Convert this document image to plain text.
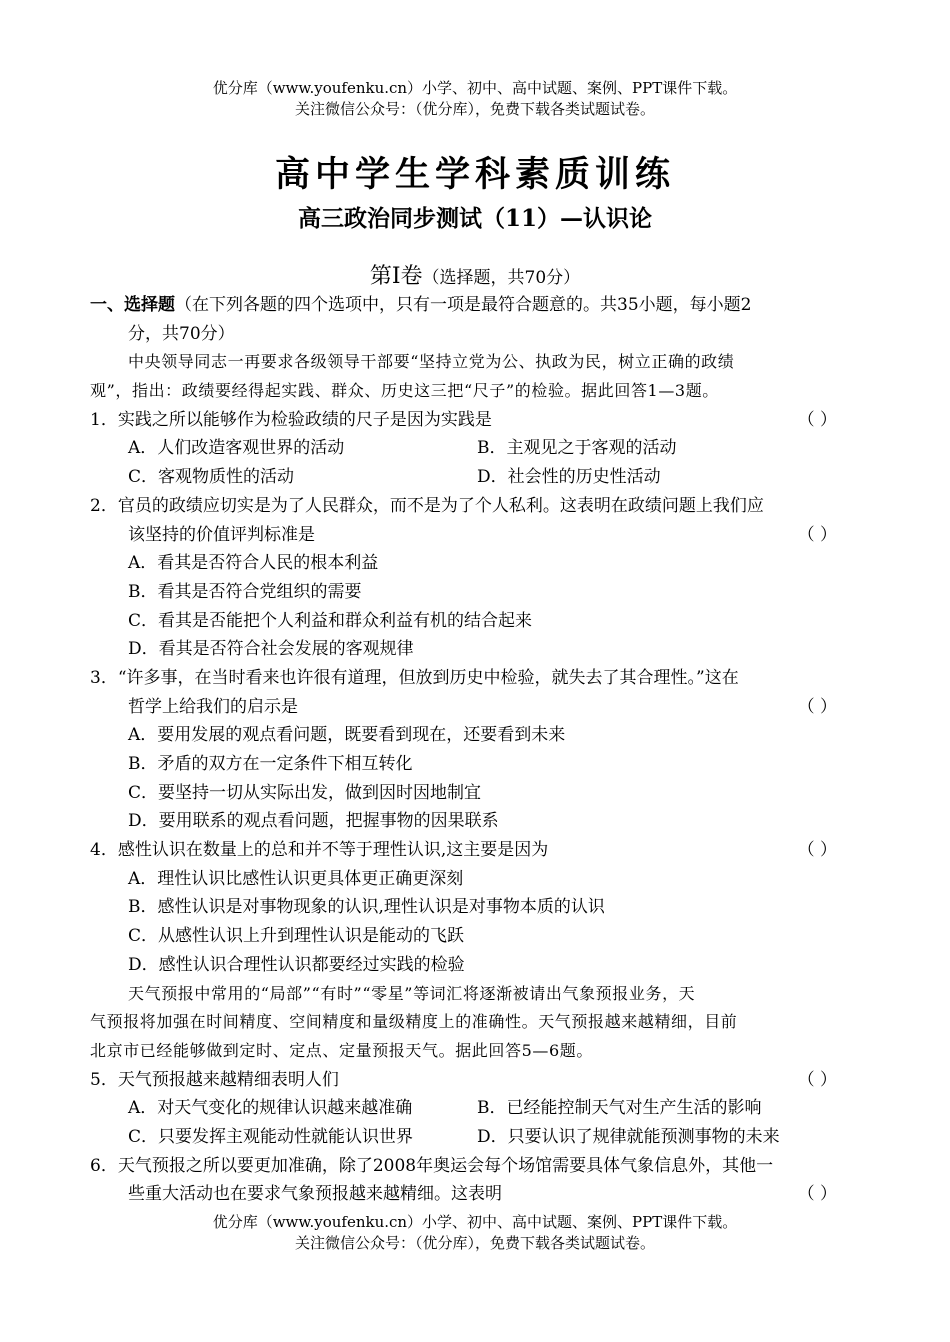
优分库（www.youfenku.cn）小学、初中、高中试题、案例、PPT课件下载。
关注微信公众号：（优分库），免费下载各类试题试卷。
高中学生学科素质训练
高三政治同步测试（11）—认识论
第Ⅰ卷（选择题，共70分）
一、选择题（在下列各题的四个选项中，只有一项是最符合题意的。共35小题，每小题2
分，共70分）
中央领导同志一再要求各级领导干部要“坚持立党为公、执政为民，树立正确的政绩
观”，指出：政绩要经得起实践、群众、历史这三把“尺子”的检验。据此回答1—3题。
1．实践之所以能够作为检验政绩的尺子是因为实践是	（ ）
A．人们改造客观世界的活动	B．主观见之于客观的活动
C．客观物质性的活动	D．社会性的历史性活动
2．官员的政绩应切实是为了人民群众，而不是为了个人私利。这表明在政绩问题上我们应
该坚持的价值评判标准是	（ ）
A．看其是否符合人民的根本利益
B．看其是否符合党组织的需要
C．看其是否能把个人利益和群众利益有机的结合起来
D．看其是否符合社会发展的客观规律
3．“许多事，在当时看来也许很有道理，但放到历史中检验，就失去了其合理性。”这在
哲学上给我们的启示是	（ ）
A．要用发展的观点看问题，既要看到现在，还要看到未来
B．矛盾的双方在一定条件下相互转化
C．要坚持一切从实际出发，做到因时因地制宜
D．要用联系的观点看问题，把握事物的因果联系
4．感性认识在数量上的总和并不等于理性认识,这主要是因为	（ ）
A．理性认识比感性认识更具体更正确更深刻
B．感性认识是对事物现象的认识,理性认识是对事物本质的认识
C．从感性认识上升到理性认识是能动的飞跃
D．感性认识合理性认识都要经过实践的检验
天气预报中常用的“局部”“有时”“零星”等词汇将逐渐被请出气象预报业务，天
气预报将加强在时间精度、空间精度和量级精度上的准确性。天气预报越来越精细，目前
北京市已经能够做到定时、定点、定量预报天气。据此回答5—6题。
5．天气预报越来越精细表明人们	（ ）
A．对天气变化的规律认识越来越准确	B．已经能控制天气对生产生活的影响
C．只要发挥主观能动性就能认识世界	D．只要认识了规律就能预测事物的未来
6．天气预报之所以要更加准确，除了2008年奥运会每个场馆需要具体气象信息外，其他一
些重大活动也在要求气象预报越来越精细。这表明	（ ）
优分库（www.youfenku.cn）小学、初中、高中试题、案例、PPT课件下载。
关注微信公众号：（优分库），免费下载各类试题试卷。
